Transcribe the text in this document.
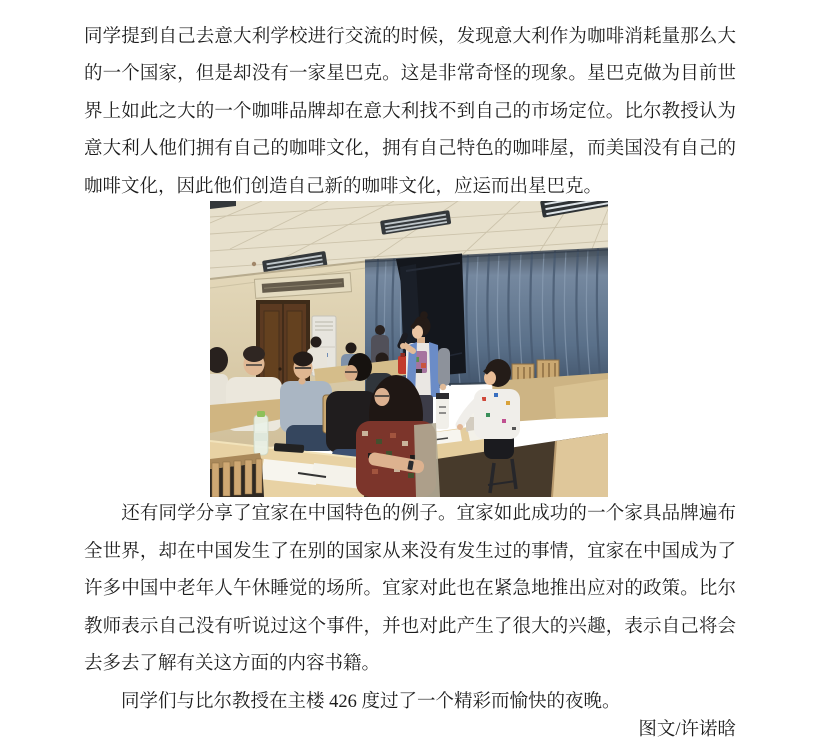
同学提到自己去意大利学校进行交流的时候，发现意大利作为咖啡消耗量那么大
的一个国家，但是却没有一家星巴克。这是非常奇怪的现象。星巴克做为目前世
界上如此之大的一个咖啡品牌却在意大利找不到自己的市场定位。比尔教授认为
意大利人他们拥有自己的咖啡文化，拥有自己特色的咖啡屋，而美国没有自己的
咖啡文化，因此他们创造自己新的咖啡文化，应运而出星巴克。
　　还有同学分享了宜家在中国特色的例子。宜家如此成功的一个家具品牌遍布
全世界，却在中国发生了在别的国家从来没有发生过的事情，宜家在中国成为了
许多中国中老年人午休睡觉的场所。宜家对此也在紧急地推出应对的政策。比尔
教师表示自己没有听说过这个事件，并也对此产生了很大的兴趣，表示自己将会
去多去了解有关这方面的内容书籍。
　　同学们与比尔教授在主楼 426 度过了一个精彩而愉快的夜晚。
图文/许诺晗
